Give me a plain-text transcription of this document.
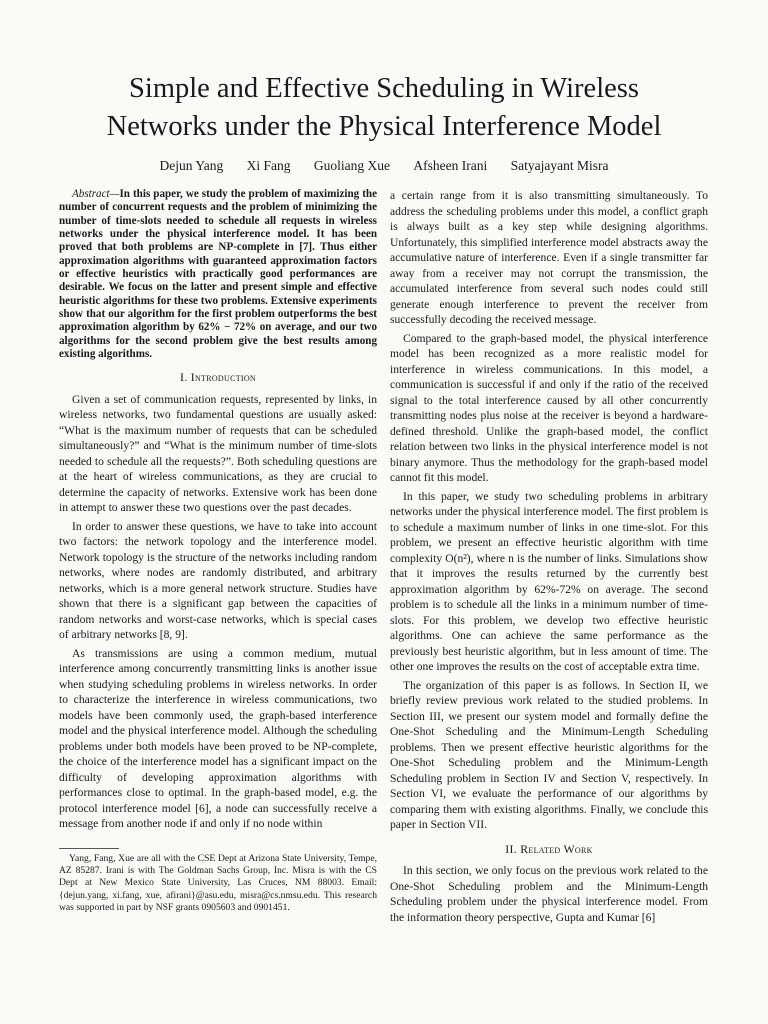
Simple and Effective Scheduling in Wireless
Networks under the Physical Interference Model
Dejun Yang Xi Fang Guoliang Xue Afsheen Irani Satyajayant Misra

Abstract—In this paper, we study the problem of maximizing the number of concurrent requests and the problem of minimizing the number of time-slots needed to schedule all requests in wireless networks under the physical interference model. It has been proved that both problems are NP-complete in [7]. Thus either approximation algorithms with guaranteed approximation factors or effective heuristics with practically good performances are desirable. We focus on the latter and present simple and effective heuristic algorithms for these two problems. Extensive experiments show that our algorithm for the first problem outperforms the best approximation algorithm by 62% − 72% on average, and our two algorithms for the second problem give the best results among existing algorithms.

I. Introduction

Given a set of communication requests, represented by links, in wireless networks, two fundamental questions are usually asked: “What is the maximum number of requests that can be scheduled simultaneously?” and “What is the minimum number of time-slots needed to schedule all the requests?”. Both scheduling questions are at the heart of wireless communications, as they are crucial to determine the capacity of networks. Extensive work has been done in attempt to answer these two questions over the past decades.

In order to answer these questions, we have to take into account two factors: the network topology and the interference model. Network topology is the structure of the networks including random networks, where nodes are randomly distributed, and arbitrary networks, which is a more general network structure. Studies have shown that there is a significant gap between the capacities of random networks and worst-case networks, which is special cases of arbitrary networks [8, 9].

As transmissions are using a common medium, mutual interference among concurrently transmitting links is another issue when studying scheduling problems in wireless networks. In order to characterize the interference in wireless communications, two models have been commonly used, the graph-based interference model and the physical interference model. Although the scheduling problems under both models have been proved to be NP-complete, the choice of the interference model has a significant impact on the difficulty of developing approximation algorithms with performances close to optimal. In the graph-based model, e.g. the protocol interference model [6], a node can successfully receive a message from another node if and only if no node within

Yang, Fang, Xue are all with the CSE Dept at Arizona State University, Tempe, AZ 85287. Irani is with The Goldman Sachs Group, Inc. Misra is with the CS Dept at New Mexico State University, Las Cruces, NM 88003. Email: {dejun.yang, xi.fang, xue, afirani}@asu.edu, misra@cs.nmsu.edu. This research was supported in part by NSF grants 0905603 and 0901451.

a certain range from it is also transmitting simultaneously. To address the scheduling problems under this model, a conflict graph is always built as a key step while designing algorithms. Unfortunately, this simplified interference model abstracts away the accumulative nature of interference. Even if a single transmitter far away from a receiver may not corrupt the transmission, the accumulated interference from several such nodes could still generate enough interference to prevent the receiver from successfully decoding the received message.

Compared to the graph-based model, the physical interference model has been recognized as a more realistic model for interference in wireless communications. In this model, a communication is successful if and only if the ratio of the received signal to the total interference caused by all other concurrently transmitting nodes plus noise at the receiver is beyond a hardware-defined threshold. Unlike the graph-based model, the conflict relation between two links in the physical interference model is not binary anymore. Thus the methodology for the graph-based model cannot fit this model.

In this paper, we study two scheduling problems in arbitrary networks under the physical interference model. The first problem is to schedule a maximum number of links in one time-slot. For this problem, we present an effective heuristic algorithm with time complexity O(n²), where n is the number of links. Simulations show that it improves the results returned by the currently best approximation algorithm by 62%-72% on average. The second problem is to schedule all the links in a minimum number of time-slots. For this problem, we develop two effective heuristic algorithms. One can achieve the same performance as the previously best heuristic algorithm, but in less amount of time. The other one improves the results on the cost of acceptable extra time.

The organization of this paper is as follows. In Section II, we briefly review previous work related to the studied problems. In Section III, we present our system model and formally define the One-Shot Scheduling and the Minimum-Length Scheduling problems. Then we present effective heuristic algorithms for the One-Shot Scheduling problem and the Minimum-Length Scheduling problem in Section IV and Section V, respectively. In Section VI, we evaluate the performance of our algorithms by comparing them with existing algorithms. Finally, we conclude this paper in Section VII.

II. Related Work

In this section, we only focus on the previous work related to the One-Shot Scheduling problem and the Minimum-Length Scheduling problem under the physical interference model. From the information theory perspective, Gupta and Kumar [6]
